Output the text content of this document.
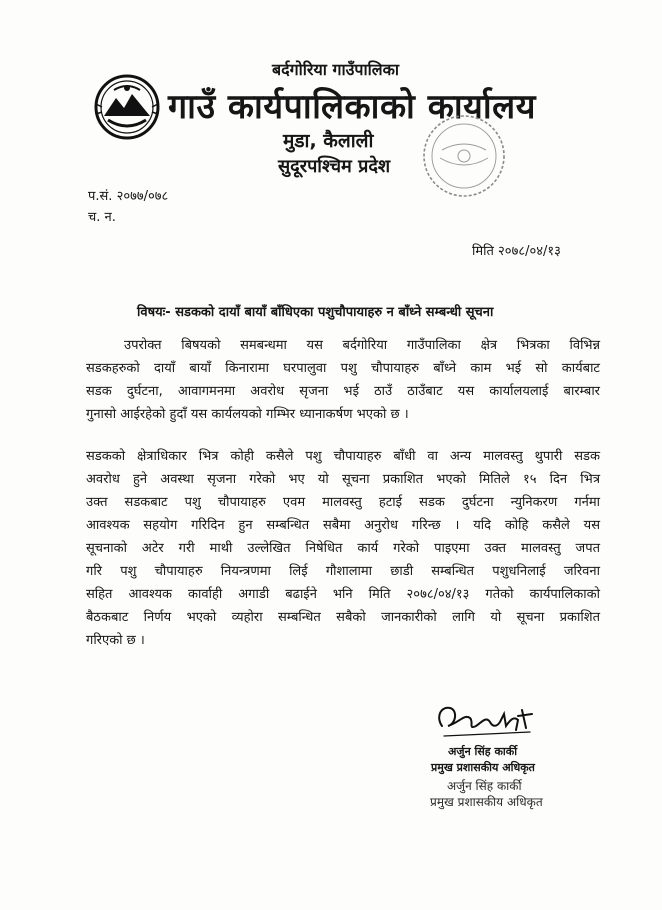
बर्दगोरिया गाउँपालिका
गाउँ कार्यपालिकाको कार्यालय
मुडा, कैलाली
सुदूरपश्चिम प्रदेश
प.सं. २०७७/०७८
च. न.
मिति २०७८/०४/१३
विषयः- सडकको दायाँ बायाँ बाँधिएका पशुचौपायाहरु न बाँध्ने सम्बन्धी सूचना
उपरोक्त बिषयको समबन्धमा यस बर्दगोरिया गाउँपालिका क्षेत्र भित्रका विभिन्न
सडकहरुको दायाँ बायाँ किनारामा घरपालुवा पशु चौपायाहरु बाँध्ने काम भई सो कार्यबाट
सडक दुर्घटना, आवागमनमा अवरोध सृजना भई ठाउँ ठाउँबाट यस कार्यालयलाई बारम्बार
गुनासो आईरहेको हुदाँ यस कार्यलयको गम्भिर ध्यानाकर्षण भएको छ ।
सडकको क्षेत्राधिकार भित्र कोही कसैले पशु चौपायाहरु बाँधी वा अन्य मालवस्तु थुपारी सडक
अवरोध हुने अवस्था सृजना गरेको भए यो सूचना प्रकाशित भएको मितिले १५ दिन भित्र
उक्त सडकबाट पशु चौपायाहरु एवम मालवस्तु हटाई सडक दुर्घटना न्युनिकरण गर्नमा
आवश्यक सहयोग गरिदिन हुन सम्बन्धित सबैमा अनुरोध गरिन्छ । यदि कोहि कसैले यस
सूचनाको अटेर गरी माथी उल्लेखित निषेधित कार्य गरेको पाइएमा उक्त मालवस्तु जपत
गरि पशु चौपायाहरु नियन्त्रणमा लिई गौशालामा छाडी सम्बन्धित पशुधनिलाई जरिवना
सहित आवश्यक कार्वाही अगाडी बढाईने भनि मिति २०७८/०४/१३ गतेको कार्यपालिकाको
बैठकबाट निर्णय भएको व्यहोरा सम्बन्धित सबैको जानकारीको लागि यो सूचना प्रकाशित
गरिएको छ ।
अर्जुन सिंह कार्की
प्रमुख प्रशासकीय अधिकृत
अर्जुन सिंह कार्की
प्रमुख प्रशासकीय अधिकृत
